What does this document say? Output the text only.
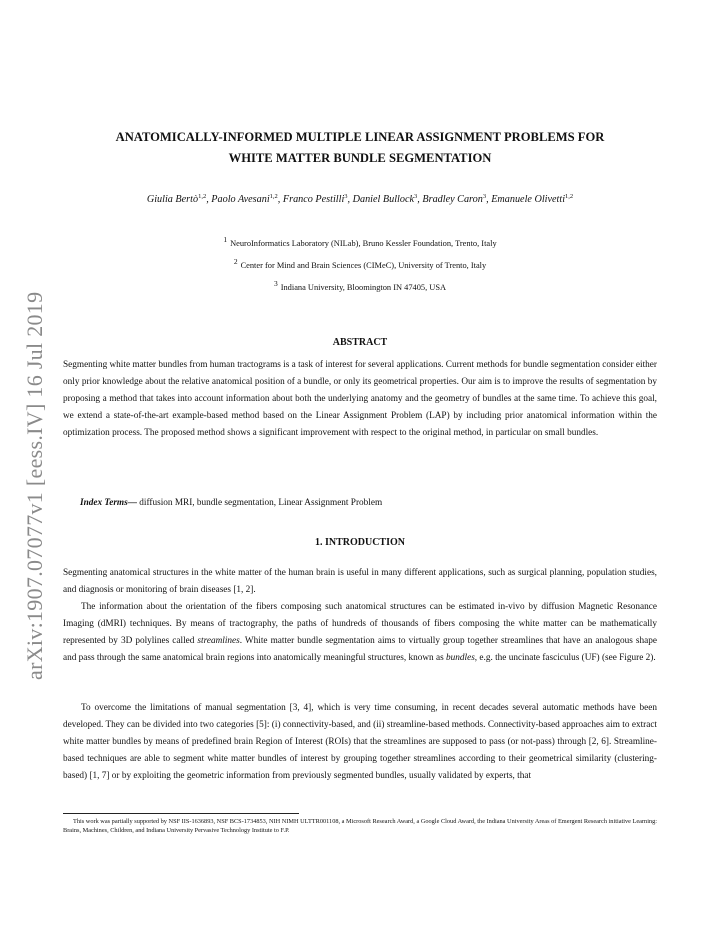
arXiv:1907.07077v1 [eess.IV] 16 Jul 2019
ANATOMICALLY-INFORMED MULTIPLE LINEAR ASSIGNMENT PROBLEMS FOR
WHITE MATTER BUNDLE SEGMENTATION
Giulia Bertò$^{1,2}$, Paolo Avesani$^{1,2}$, Franco Pestilli$^3$, Daniel Bullock$^3$, Bradley Caron$^3$, Emanuele Olivetti$^{1,2}$
$^1$ NeuroInformatics Laboratory (NILab), Bruno Kessler Foundation, Trento, Italy
$^2$ Center for Mind and Brain Sciences (CIMeC), University of Trento, Italy
$^3$ Indiana University, Bloomington IN 47405, USA
ABSTRACT

Segmenting white matter bundles from human tractograms is a task of interest for several applications. Current methods for bundle segmentation consider either only prior knowledge about the relative anatomical position of a bundle, or only its geometrical properties. Our aim is to improve the results of segmentation by proposing a method that takes into account information about both the underlying anatomy and the geometry of bundles at the same time. To achieve this goal, we extend a state-of-the-art example-based method based on the Linear Assignment Problem (LAP) by including prior anatomical information within the optimization process. The proposed method shows a significant improvement with respect to the original method, in particular on small bundles.

Index Terms— diffusion MRI, bundle segmentation, Linear Assignment Problem
1. INTRODUCTION

Segmenting anatomical structures in the white matter of the human brain is useful in many different applications, such as surgical planning, population studies, and diagnosis or monitoring of brain diseases [1, 2].

The information about the orientation of the fibers composing such anatomical structures can be estimated in-vivo by diffusion Magnetic Resonance Imaging (dMRI) techniques. By means of tractography, the paths of hundreds of thousands of fibers composing the white matter can be mathematically represented by 3D polylines called streamlines. White matter bundle segmentation aims to virtually group together streamlines that have an analogous shape and pass through the same anatomical brain regions into anatomically meaningful structures, known as bundles, e.g. the uncinate fasciculus (UF) (see Figure 2).

To overcome the limitations of manual segmentation [3, 4], which is very time consuming, in recent decades several automatic methods have been developed. They can be divided into two categories [5]: (i) connectivity-based, and (ii) streamline-based methods. Connectivity-based approaches aim to extract white matter bundles by means of predefined brain Region of Interest (ROIs) that the streamlines are supposed to pass (or not-pass) through [2, 6]. Streamline-based techniques are able to segment white matter bundles of interest by grouping together streamlines according to their geometrical similarity (clustering-based) [1, 7] or by exploiting the geometric information from previously segmented bundles, usually validated by experts, that

This work was partially supported by NSF IIS-1636893, NSF BCS-1734853, NIH NIMH ULTTR001108, a Microsoft Research Award, a Google Cloud Award, the Indiana University Areas of Emergent Research initiative Learning: Brains, Machines, Children, and Indiana University Pervasive Technology Institute to F.P.
